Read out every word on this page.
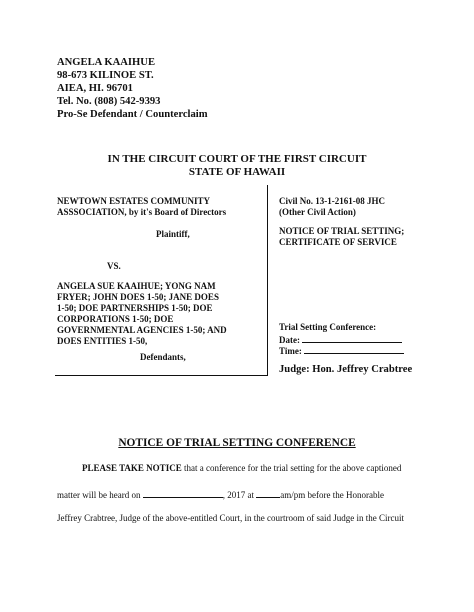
ANGELA KAAIHUE
98-673 KILINOE ST.
AIEA, HI. 96701
Tel. No. (808) 542-9393
Pro-Se Defendant / Counterclaim
IN THE CIRCUIT COURT OF THE FIRST CIRCUIT
STATE OF HAWAII
NEWTOWN ESTATES COMMUNITY
ASSSOCIATION, by it's Board of Directors
Plaintiff,
VS.
ANGELA SUE KAAIHUE; YONG NAM
FRYER; JOHN DOES 1-50; JANE DOES
1-50; DOE PARTNERSHIPS 1-50; DOE
CORPORATIONS 1-50; DOE
GOVERNMENTAL AGENCIES 1-50; AND
DOES ENTITIES 1-50,
Defendants,
Civil No. 13-1-2161-08 JHC
(Other Civil Action)
NOTICE OF TRIAL SETTING;
CERTIFICATE OF SERVICE
Trial Setting Conference:
Date:
Time:
Judge: Hon. Jeffrey Crabtree
NOTICE OF TRIAL SETTING CONFERENCE
PLEASE TAKE NOTICE that a conference for the trial setting for the above captioned
matter will be heard on	, 2017 at	am/pm before the Honorable
Jeffrey Crabtree, Judge of the above-entitled Court, in the courtroom of said Judge in the Circuit
